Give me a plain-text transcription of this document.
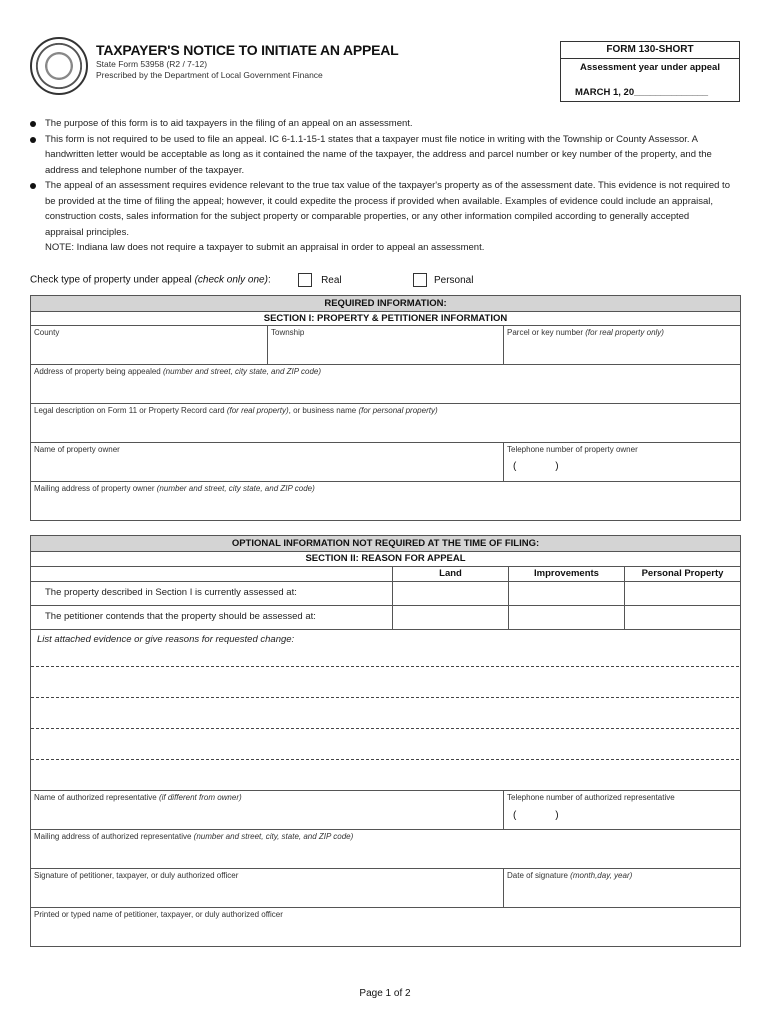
TAXPAYER'S NOTICE TO INITIATE AN APPEAL
State Form 53958 (R2 / 7-12)
Prescribed by the Department of Local Government Finance
FORM 130-SHORT
Assessment year under appeal
MARCH 1, 20______________
The purpose of this form is to aid taxpayers in the filing of an appeal on an assessment.
This form is not required to be used to file an appeal. IC 6-1.1-15-1 states that a taxpayer must file notice in writing with the Township or County Assessor. A handwritten letter would be acceptable as long as it contained the name of the taxpayer, the address and parcel number or key number of the property, and the address and telephone number of the taxpayer.
The appeal of an assessment requires evidence relevant to the true tax value of the taxpayer's property as of the assessment date. This evidence is not required to be provided at the time of filing the appeal; however, it could expedite the process if provided when available. Examples of evidence could include an appraisal, construction costs, sales information for the subject property or comparable properties, or any other information compiled according to generally accepted appraisal principles.
NOTE: Indiana law does not require a taxpayer to submit an appraisal in order to appeal an assessment.
Check type of property under appeal (check only one):	Real	Personal
REQUIRED INFORMATION:
SECTION I: PROPERTY & PETITIONER INFORMATION
County	Township	Parcel or key number (for real property only)
Address of property being appealed (number and street, city state, and ZIP code)
Legal description on Form 11 or Property Record card (for real property), or business name (for personal property)
Name of property owner	Telephone number of property owner
(              )
Mailing address of property owner (number and street, city state, and ZIP code)
OPTIONAL INFORMATION NOT REQUIRED AT THE TIME OF FILING:
SECTION II: REASON FOR APPEAL
Land	Improvements	Personal Property
The property described in Section I is currently assessed at:
The petitioner contends that the property should be assessed at:
List attached evidence or give reasons for requested change:
Name of authorized representative (if different from owner)	Telephone number of authorized representative
(              )
Mailing address of authorized representative (number and street, city, state, and ZIP code)
Signature of petitioner, taxpayer, or duly authorized officer	Date of signature (month,day, year)
Printed or typed name of petitioner, taxpayer, or duly authorized officer
Page 1 of 2
